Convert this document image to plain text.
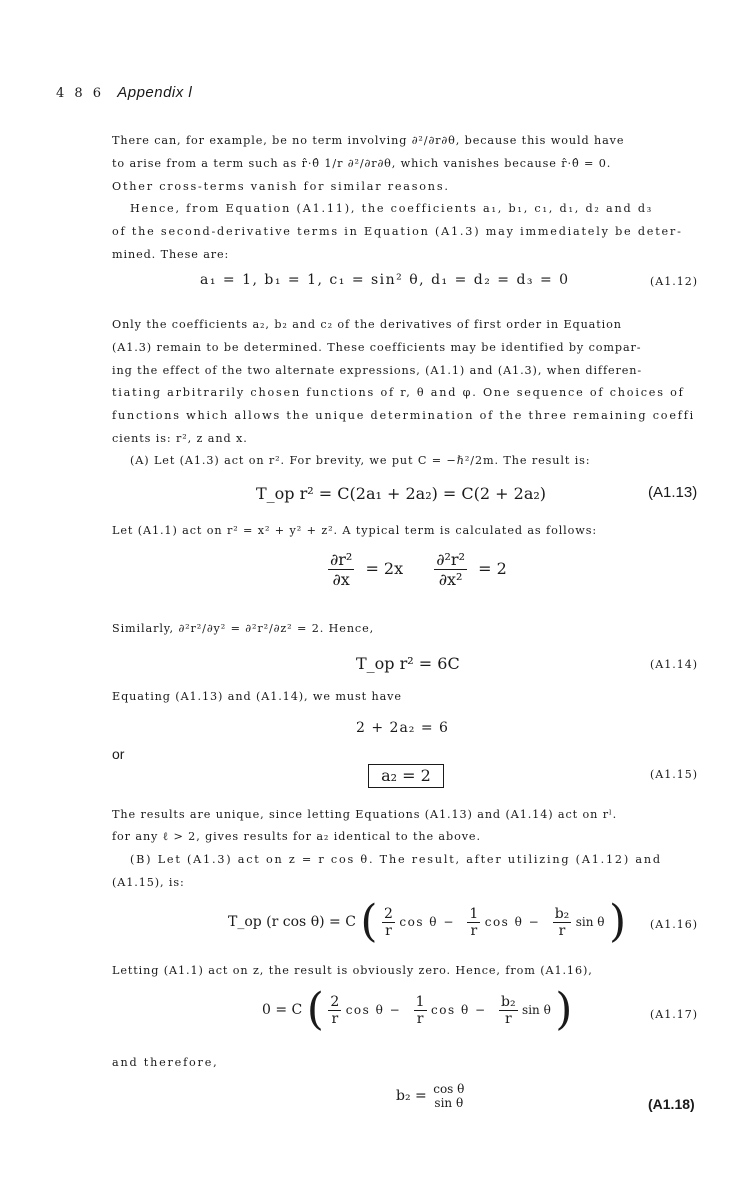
4 8 6 Appendix l
There can, for example, be no term involving ∂²/∂r∂θ, because this would have
to arise from a term such as r̂·θ̂ 1/r ∂²/∂r∂θ, which vanishes because r̂·θ̂ = 0.
Other cross-terms vanish for similar reasons.
Hence, from Equation (A1.11), the coefficients a₁, b₁, c₁, d₁, d₂ and d₃
of the second-derivative terms in Equation (A1.3) may immediately be deter-
mined. These are:
a₁ = 1, b₁ = 1, c₁ = sin² θ, d₁ = d₂ = d₃ = 0	(A1.12)
Only the coefficients a₂, b₂ and c₂ of the derivatives of first order in Equation
(A1.3) remain to be determined. These coefficients may be identified by compar-
ing the effect of the two alternate expressions, (A1.1) and (A1.3), when differen-
tiating arbitrarily chosen functions of r, θ and φ. One sequence of choices of
functions which allows the unique determination of the three remaining coeffi
cients is: r², z and x.
(A) Let (A1.3) act on r². For brevity, we put C = −ℏ²/2m. The result is:
T_op r² = C(2a₁ + 2a₂) = C(2 + 2a₂)	(A1.13)
Let (A1.1) act on r² = x² + y² + z². A typical term is calculated as follows:
$\frac{\text{∂r²}}{\partial x} = 2x \frac{\text{∂²r²}}{\text{∂x²}} = 2$
Similarly, ∂²r²/∂y² = ∂²r²/∂z² = 2. Hence,
T_op r² = 6C	(A1.14)
Equating (A1.13) and (A1.14), we must have
2 + 2a₂ = 6
or
a₂ = 2	(A1.15)
The results are unique, since letting Equations (A1.13) and (A1.14) act on rˡ.
for any ℓ > 2, gives results for a₂ identical to the above.
(B) Let (A1.3) act on z = r cos θ. The result, after utilizing (A1.12) and
(A1.15), is:
T_op (r cos θ) = C ( $\frac{2}{r}$ $\cos \theta - \frac{1}{r}$ $\cos \theta - \frac{\text{b₂}}{r}$ sin θ ) (A1.16)
Letting (A1.1) act on z, the result is obviously zero. Hence, from (A1.16),
0 = C ( $\frac{2}{r}$ $\cos \theta - \frac{1}{r}$ $\cos \theta - \frac{\text{b₂}}{r}$ sin θ )	(A1.17)
and therefore,
b₂ = cos θ
sin θ	(A1.18)
